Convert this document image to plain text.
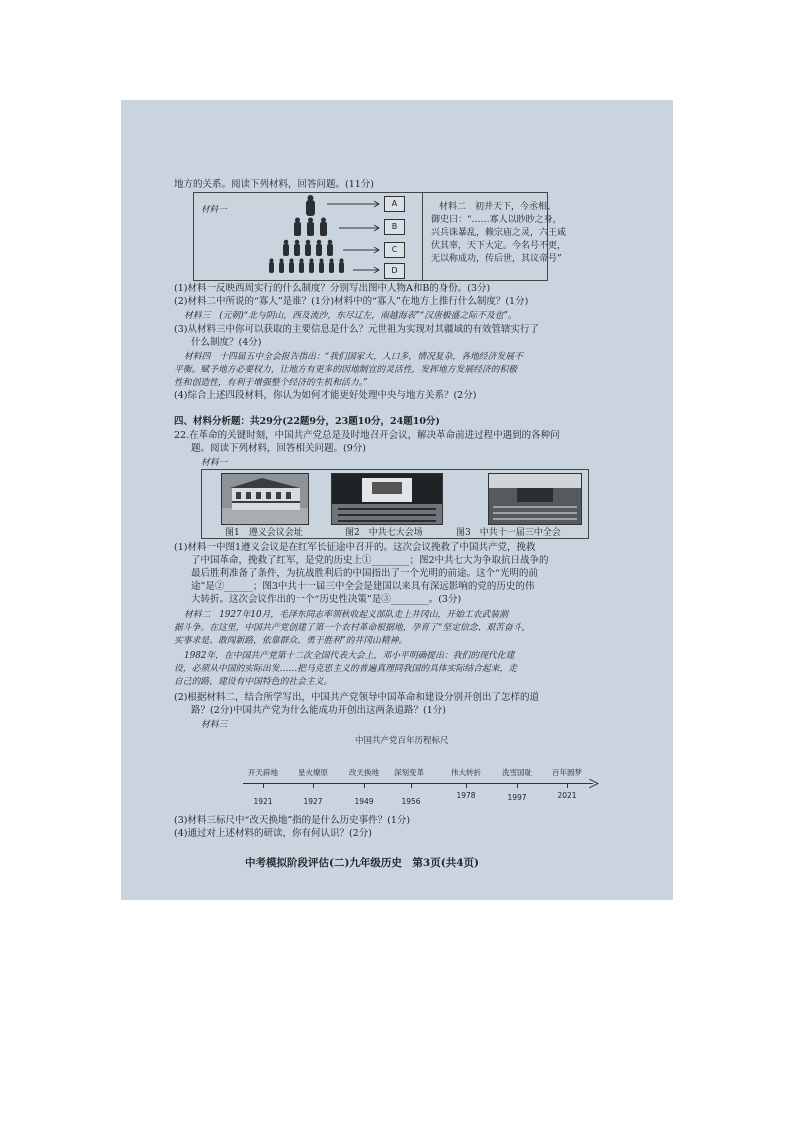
地方的关系。阅读下列材料，回答问题。(11分)
材料一
A
B
C
D
材料二　初并天下，今丞相、
御史曰：“……寡人以眇眇之身，
兴兵诛暴乱，赖宗庙之灵，六王咸
伏其辜，天下大定。今名号不更，
无以称成功，传后世，其议帝号”
(1)材料一反映西周实行的什么制度？分别写出图中人物A和B的身份。(3分)
(2)材料二中所说的“寡人”是谁？(1分)材料中的“寡人”在地方上推行什么制度？(1分)
材料三　(元朝)“北与阴山，西及流沙，东尽辽左，南越海表”“汉唐极盛之际不及也”。
(3)从材料三中你可以获取的主要信息是什么？元世祖为实现对其疆域的有效管辖实行了
什么制度？(4分)
材料四　十四届五中全会报告指出：“我们国家大，人口多，情况复杂，各地经济发展不
平衡。赋予地方必要权力，让地方有更多的因地制宜的灵活性，发挥地方发展经济的积极
性和创造性，有利于增强整个经济的生机和活力。”
(4)综合上述四段材料，你认为如何才能更好处理中央与地方关系？(2分)
四、材料分析题：共29分(22题9分，23题10分，24题10分)
22.在革命的关键时刻，中国共产党总是及时地召开会议，解决革命前进过程中遇到的各种问
题。阅读下列材料，回答相关问题。(9分)
材料一
图1　遵义会议会址	图2　中共七大会场	图3　中共十一届三中全会
(1)材料一中图1遵义会议是在红军长征途中召开的。这次会议挽救了中国共产党，挽救
了中国革命，挽救了红军，是党的历史上①________；图2中共七大为争取抗日战争的
最后胜利准备了条件，为抗战胜利后的中国指出了一个光明的前途。这个“光明的前
途”是②______；图3中共十一届三中全会是建国以来具有深远影响的党的历史的伟
大转折。这次会议作出的一个“历史性决策”是③________。(3分)
材料二　1927年10月，毛泽东同志率领秋收起义部队走上井冈山，开始工农武装割
据斗争。在这里，中国共产党创建了第一个农村革命根据地，孕育了“坚定信念、艰苦奋斗，
实事求是、敢闯新路，依靠群众、勇于胜利”的井冈山精神。
1982年，在中国共产党第十二次全国代表大会上，邓小平明确提出：我们的现代化建
设，必须从中国的实际出发……把马克思主义的普遍真理同我国的具体实际结合起来，走
自己的路，建设有中国特色的社会主义。
(2)根据材料二，结合所学写出，中国共产党领导中国革命和建设分别开创出了怎样的道
路？(2分)中国共产党为什么能成功开创出这两条道路？(1分)
材料三
中国共产党百年历程标尺
开天辟地	星火燎原	改天换地 深刻变革	伟大转折	洗雪国耻	百年圆梦
1921	1927	1949	1956
1978	1997	2021
(3)材料三标尺中“改天换地”指的是什么历史事件？(1分)
(4)通过对上述材料的研读，你有何认识？(2分)
中考模拟阶段评估(二)九年级历史　第3页(共4页)
